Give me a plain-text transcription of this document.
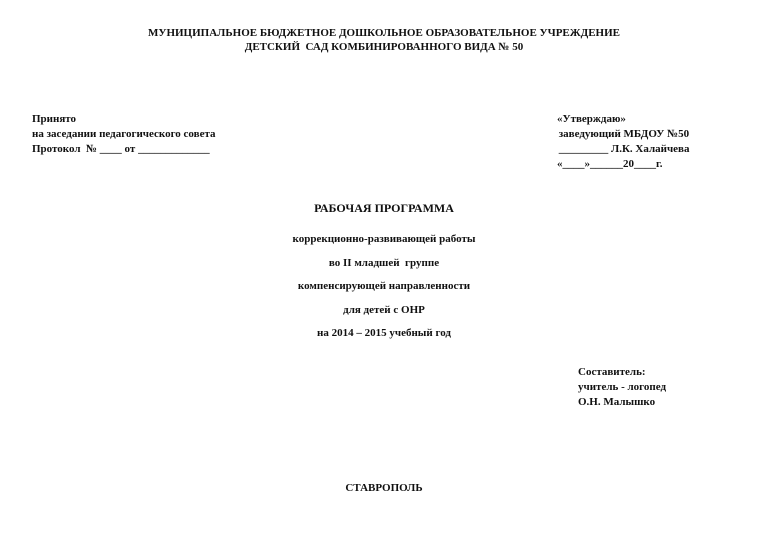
МУНИЦИПАЛЬНОЕ БЮДЖЕТНОЕ ДОШКОЛЬНОЕ ОБРАЗОВАТЕЛЬНОЕ УЧРЕЖДЕНИЕ
ДЕТСКИЙ  САД КОМБИНИРОВАННОГО ВИДА № 50
Принято
на заседании педагогического совета
Протокол  № ____ от _____________
«Утверждаю»
заведующий МБДОУ №50
_________ Л.К. Халайчева
«____»______20____г.
РАБОЧАЯ ПРОГРАММА
коррекционно-развивающей работы
во II младшей  группе
компенсирующей направленности
для детей с ОНР
на 2014 – 2015 учебный год
Составитель:
учитель - логопед
О.Н. Малышко
СТАВРОПОЛЬ
